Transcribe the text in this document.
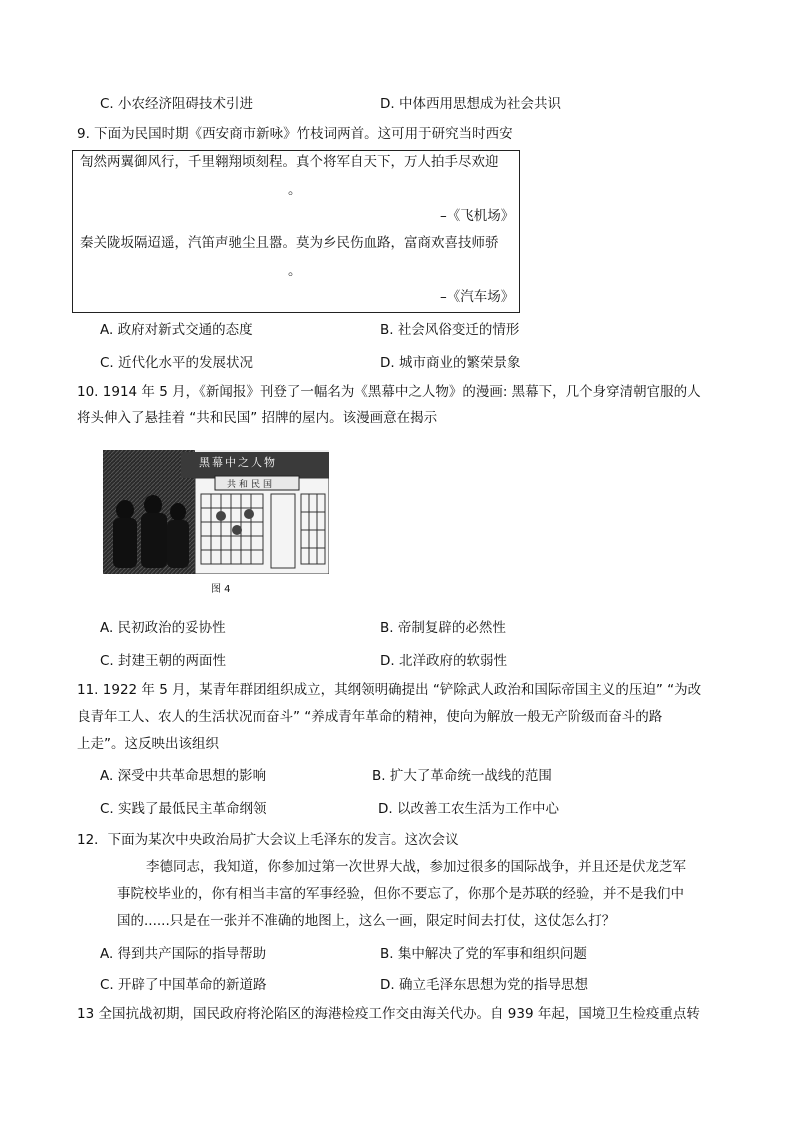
C. 小农经济阻碍技术引进	D. 中体西用思想成为社会共识
9. 下面为民国时期《西安商市新咏》竹枝词两首。这可用于研究当时西安
訇然两翼御风行，千里翱翔顷刻程。真个将军自天下，万人拍手尽欢迎
。
–《飞机场》
秦关陇坂隔迢遥，汽笛声驰尘且嚣。莫为乡民伤血路，富商欢喜技师骄
。
–《汽车场》
A. 政府对新式交通的态度	B. 社会风俗变迁的情形
C. 近代化水平的发展状况	D. 城市商业的繁荣景象
10. 1914 年 5 月，《新闻报》刊登了一幅名为《黑幕中之人物》的漫画: 黑幕下，几个身穿清朝官服的人
将头伸入了悬挂着 “共和民国” 招牌的屋内。该漫画意在揭示
黑幕中之人物
共和民国
图 4
A. 民初政治的妥协性	B. 帝制复辟的必然性
C. 封建王朝的两面性	D. 北洋政府的软弱性
11. 1922 年 5 月，某青年群团组织成立，其纲领明确提出 “铲除武人政治和国际帝国主义的压迫” “为改
良青年工人、农人的生活状况而奋斗” “养成青年革命的精神，使向为解放一般无产阶级而奋斗的路
上走”。这反映出该组织
A. 深受中共革命思想的影响	B. 扩大了革命统一战线的范围
C. 实践了最低民主革命纲领	D. 以改善工农生活为工作中心
12．下面为某次中央政治局扩大会议上毛泽东的发言。这次会议
李德同志，我知道，你参加过第一次世界大战，参加过很多的国际战争，并且还是伏龙芝军
事院校毕业的，你有相当丰富的军事经验，但你不要忘了，你那个是苏联的经验，并不是我们中
国的......只是在一张并不准确的地图上，这么一画，限定时间去打仗，这仗怎么打？
A. 得到共产国际的指导帮助	B. 集中解决了党的军事和组织问题
C. 开辟了中国革命的新道路	D. 确立毛泽东思想为党的指导思想
13 全国抗战初期，国民政府将沦陷区的海港检疫工作交由海关代办。自 939 年起，国境卫生检疫重点转
